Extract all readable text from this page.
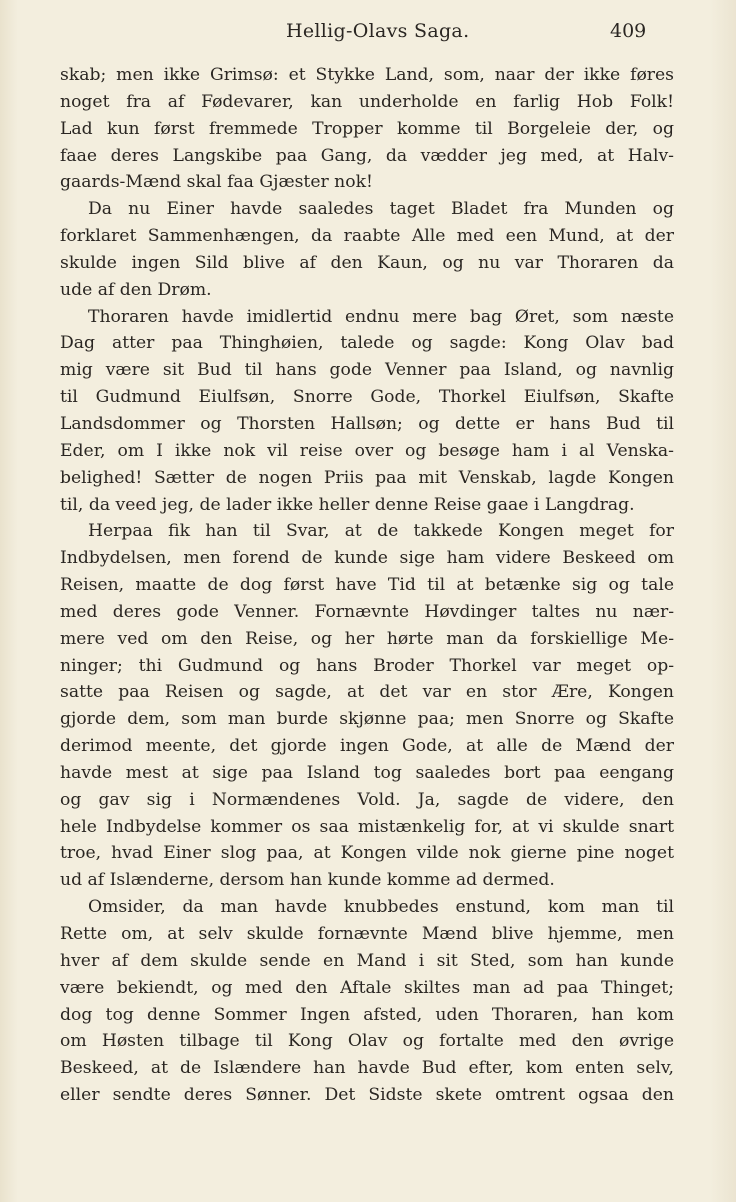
Hellig-Olavs Saga.	409
skab; men ikke Grimsø: et Stykke Land, som, naar der ikke føres
noget fra af Fødevarer, kan underholde en farlig Hob Folk!
Lad kun først fremmede Tropper komme til Borgeleie der, og
faae deres Langskibe paa Gang, da vædder jeg med, at Halv-
gaards-Mænd skal faa Gjæster nok!
Da nu Einer havde saaledes taget Bladet fra Munden og
forklaret Sammenhængen, da raabte Alle med een Mund, at der
skulde ingen Sild blive af den Kaun, og nu var Thoraren da
ude af den Drøm.
Thoraren havde imidlertid endnu mere bag Øret, som næste
Dag atter paa Thinghøien, talede og sagde: Kong Olav bad
mig være sit Bud til hans gode Venner paa Island, og navnlig
til Gudmund Eiulfsøn, Snorre Gode, Thorkel Eiulfsøn, Skafte
Landsdommer og Thorsten Hallsøn; og dette er hans Bud til
Eder, om I ikke nok vil reise over og besøge ham i al Venska-
belighed! Sætter de nogen Priis paa mit Venskab, lagde Kongen
til, da veed jeg, de lader ikke heller denne Reise gaae i Langdrag.
Herpaa fik han til Svar, at de takkede Kongen meget for
Indbydelsen, men forend de kunde sige ham videre Beskeed om
Reisen, maatte de dog først have Tid til at betænke sig og tale
med deres gode Venner. Fornævnte Høvdinger taltes nu nær-
mere ved om den Reise, og her hørte man da forskiellige Me-
ninger; thi Gudmund og hans Broder Thorkel var meget op-
satte paa Reisen og sagde, at det var en stor Ære, Kongen
gjorde dem, som man burde skjønne paa; men Snorre og Skafte
derimod meente, det gjorde ingen Gode, at alle de Mænd der
havde mest at sige paa Island tog saaledes bort paa eengang
og gav sig i Normændenes Vold. Ja, sagde de videre, den
hele Indbydelse kommer os saa mistænkelig for, at vi skulde snart
troe, hvad Einer slog paa, at Kongen vilde nok gierne pine noget
ud af Islænderne, dersom han kunde komme ad dermed.
Omsider, da man havde knubbedes enstund, kom man til
Rette om, at selv skulde fornævnte Mænd blive hjemme, men
hver af dem skulde sende en Mand i sit Sted, som han kunde
være bekiendt, og med den Aftale skiltes man ad paa Thinget;
dog tog denne Sommer Ingen afsted, uden Thoraren, han kom
om Høsten tilbage til Kong Olav og fortalte med den øvrige
Beskeed, at de Islændere han havde Bud efter, kom enten selv,
eller sendte deres Sønner. Det Sidste skete omtrent ogsaa den
